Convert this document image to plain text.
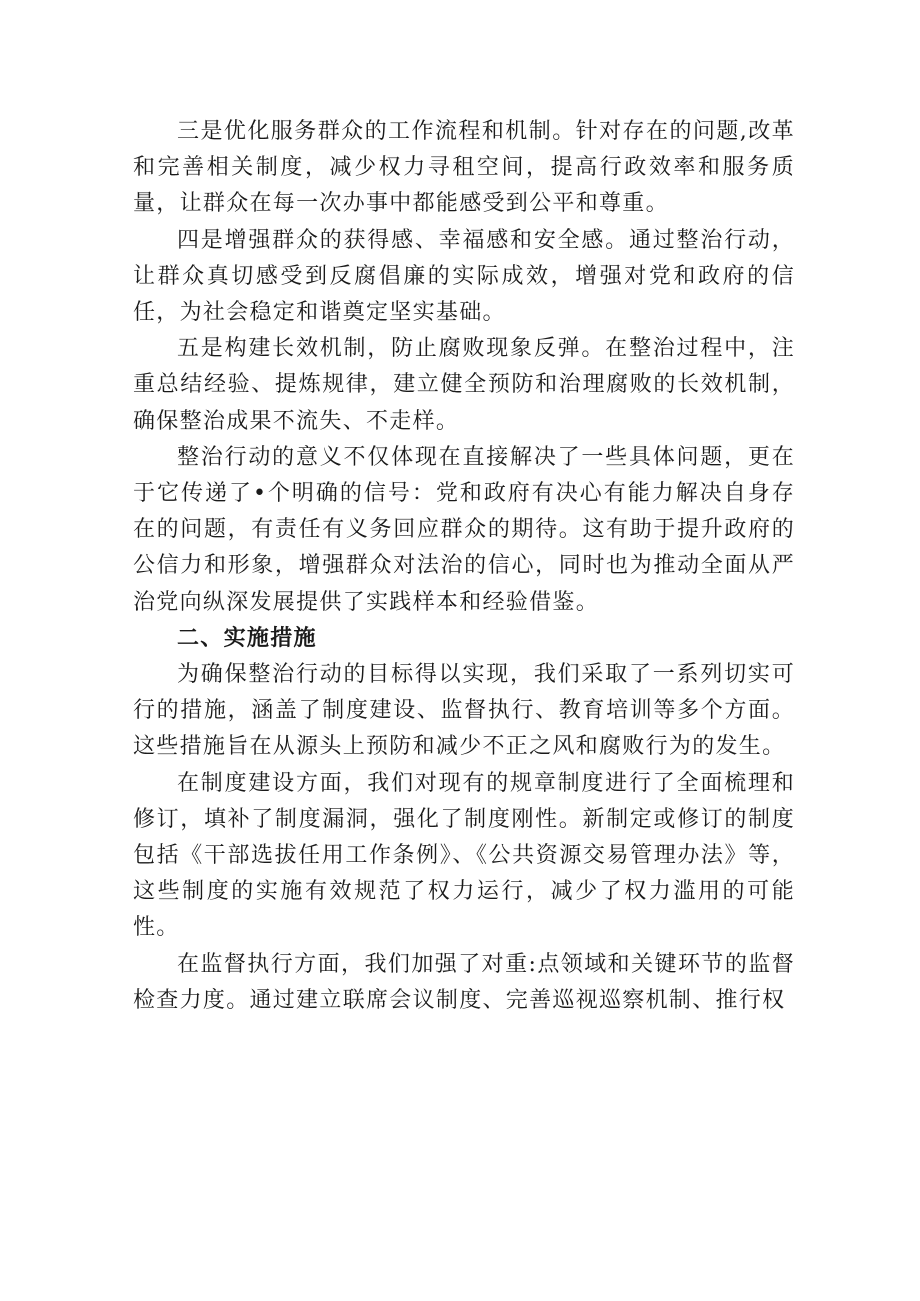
三是优化服务群众的工作流程和机制。针对存在的问题,改革和完善相关制度，减少权力寻租空间，提高行政效率和服务质量，让群众在每一次办事中都能感受到公平和尊重。

四是增强群众的获得感、幸福感和安全感。通过整治行动，让群众真切感受到反腐倡廉的实际成效，增强对党和政府的信任，为社会稳定和谐奠定坚实基础。

五是构建长效机制，防止腐败现象反弹。在整治过程中，注重总结经验、提炼规律，建立健全预防和治理腐败的长效机制，确保整治成果不流失、不走样。

整治行动的意义不仅体现在直接解决了一些具体问题，更在于它传递了•个明确的信号：党和政府有决心有能力解决自身存在的问题，有责任有义务回应群众的期待。这有助于提升政府的公信力和形象，增强群众对法治的信心，同时也为推动全面从严治党向纵深发展提供了实践样本和经验借鉴。

二、实施措施

为确保整治行动的目标得以实现，我们采取了一系列切实可行的措施，涵盖了制度建设、监督执行、教育培训等多个方面。这些措施旨在从源头上预防和减少不正之风和腐败行为的发生。

在制度建设方面，我们对现有的规章制度进行了全面梳理和修订，填补了制度漏洞，强化了制度刚性。新制定或修订的制度包括《干部选拔任用工作条例》、《公共资源交易管理办法》等，这些制度的实施有效规范了权力运行，减少了权力滥用的可能性。

在监督执行方面，我们加强了对重:点领域和关键环节的监督检查力度。通过建立联席会议制度、完善巡视巡察机制、推行权
